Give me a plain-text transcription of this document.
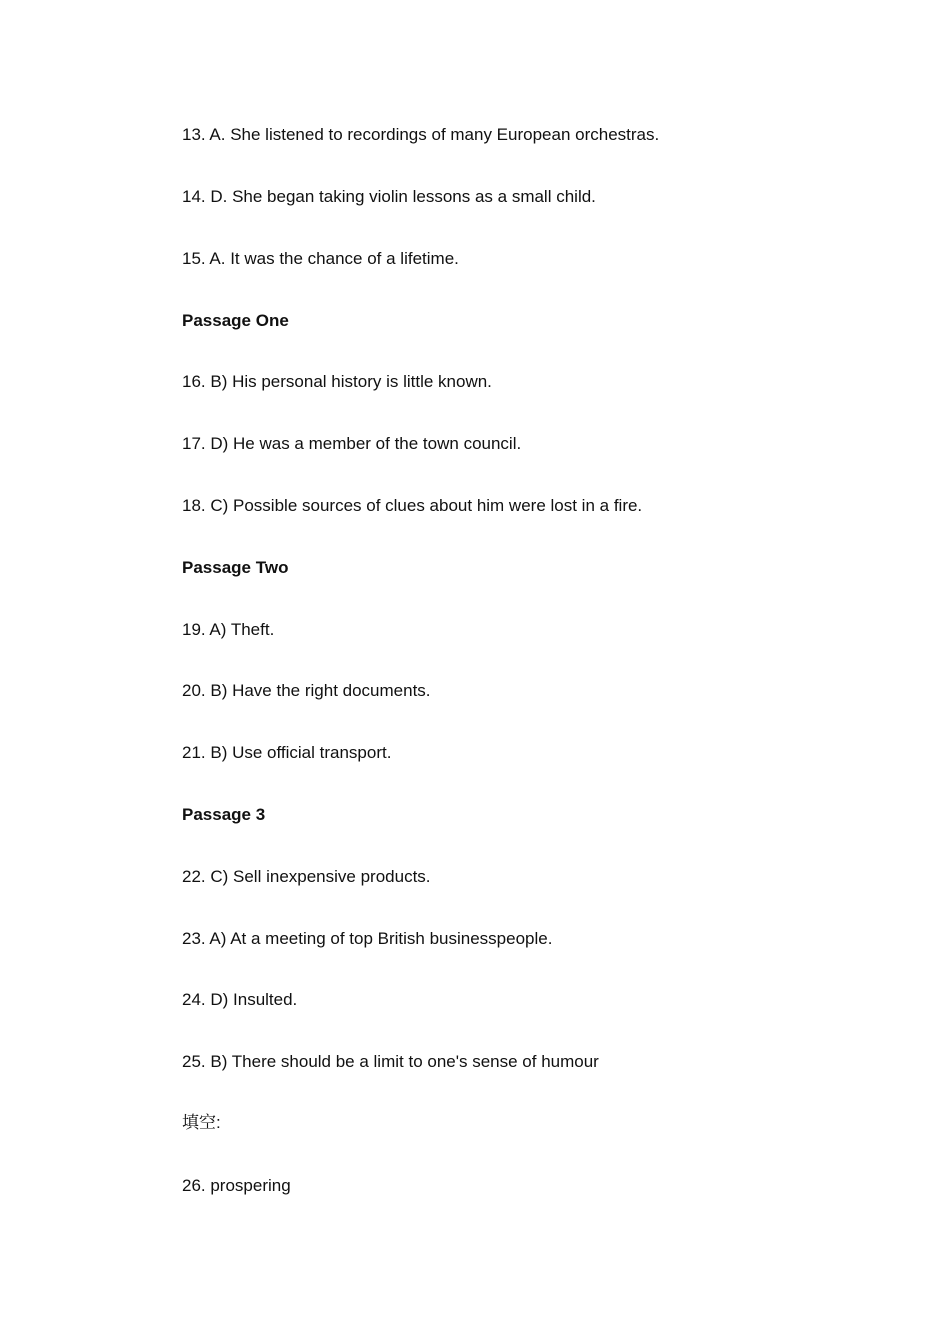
13. A. She listened to recordings of many European orchestras.
14. D. She began taking violin lessons as a small child.
15. A. It was the chance of a lifetime.
Passage One
16. B) His personal history is little known.
17. D) He was a member of the town council.
18. C) Possible sources of clues about him were lost in a fire.
Passage Two
19. A) Theft.
20. B) Have the right documents.
21. B) Use official transport.
Passage 3
22. C) Sell inexpensive products.
23. A) At a meeting of top British businesspeople.
24. D) Insulted.
25. B) There should be a limit to one's sense of humour
填空:
26. prospering
